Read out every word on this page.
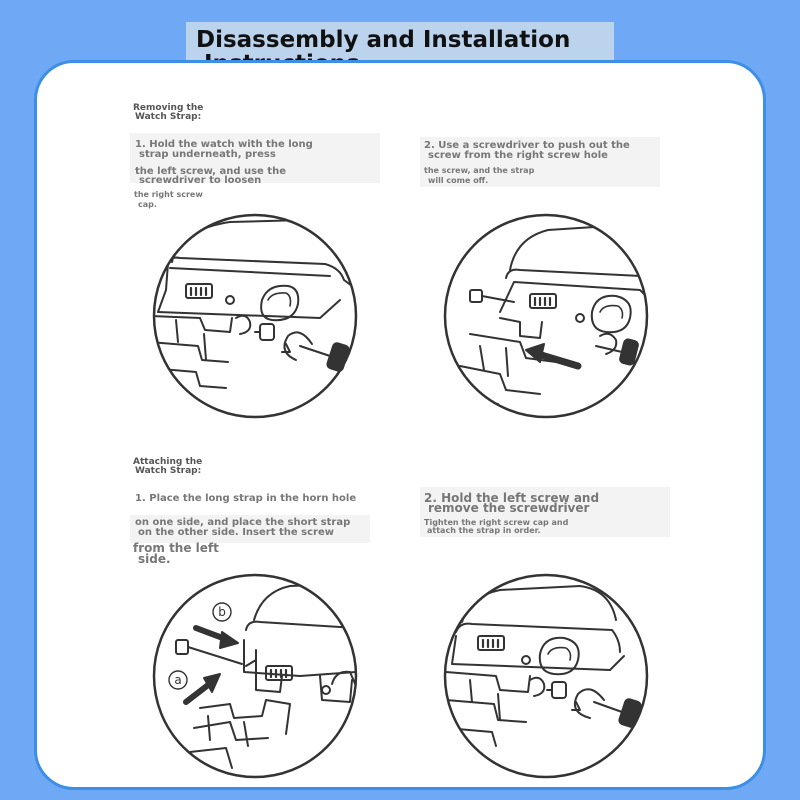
Disassembly and Installation
Removing the
Watch Strap:
1. Hold the watch with the long
strap underneath, press
the left screw, and use the
screwdriver to loosen
the right screw
cap.
2. Use a screwdriver to push out the
screw from the right screw hole
the screw, and the strap
will come off.
Attaching the
Watch Strap:
1. Place the long strap in the horn hole
on one side, and place the short strap
on the other side. Insert the screw
from the left
side.
2. Hold the left screw and
remove the screwdriver
Tighten the right screw cap and
attach the strap in order.
b
a
